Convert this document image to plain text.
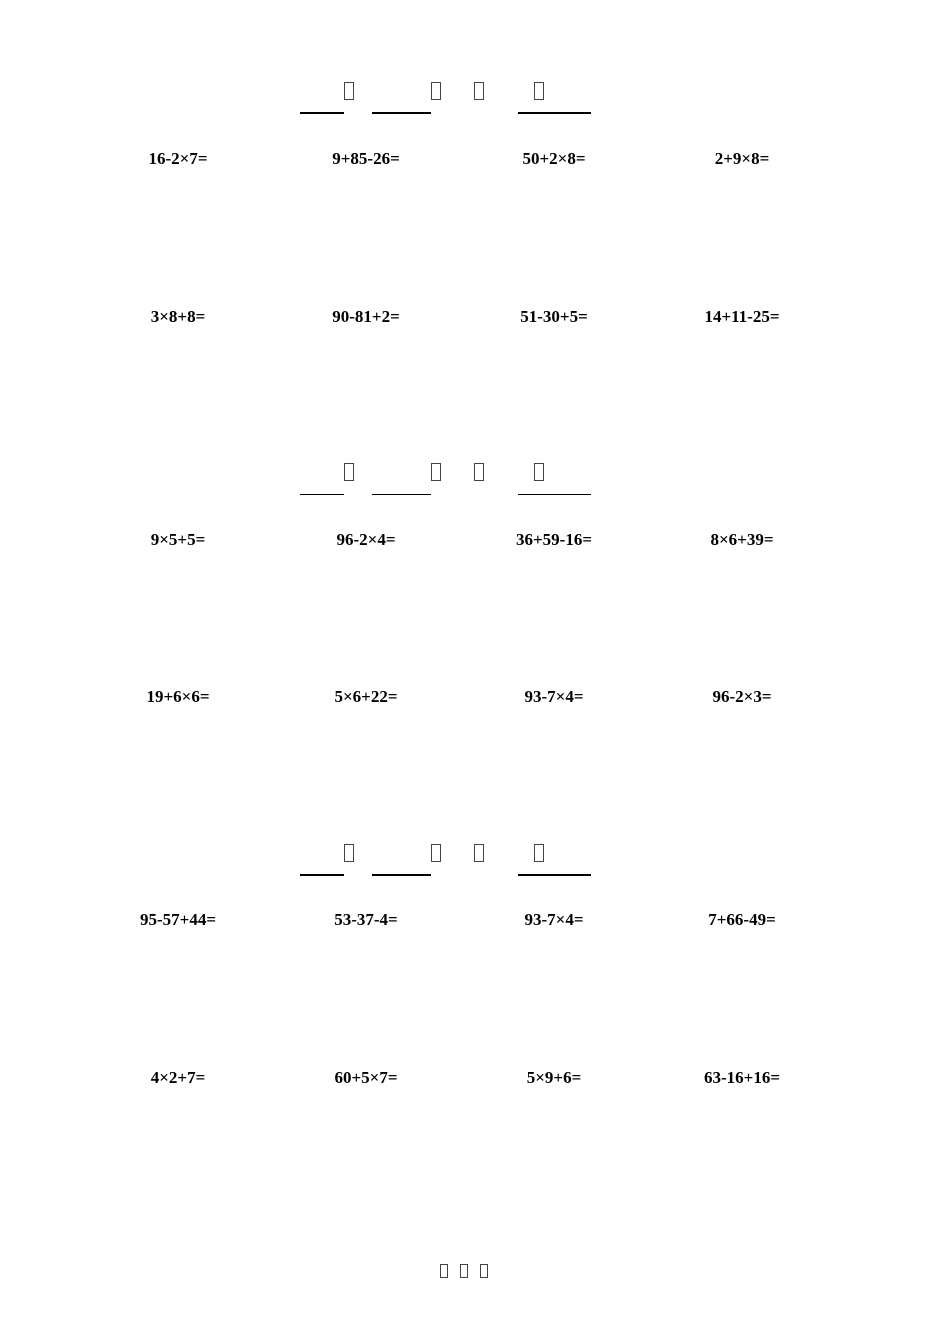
16-2×7=	9+85-26=	50+2×8=	2+9×8=
3×8+8=	90-81+2=	51-30+5=	14+11-25=
9×5+5=	96-2×4=	36+59-16=	8×6+39=
19+6×6=	5×6+22=	93-7×4=	96-2×3=
95-57+44=	53-37-4=	93-7×4=	7+66-49=
4×2+7=	60+5×7=	5×9+6=	63-16+16=
